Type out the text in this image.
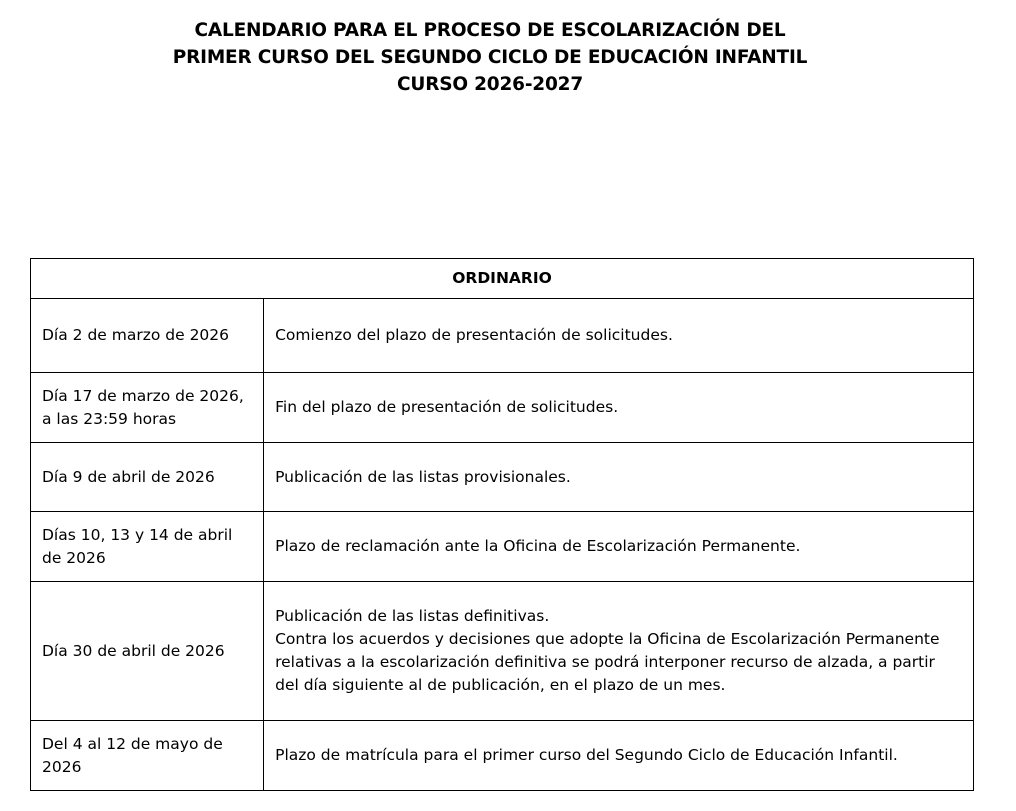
CALENDARIO PARA EL PROCESO DE ESCOLARIZACIÓN DEL
PRIMER CURSO DEL SEGUNDO CICLO DE EDUCACIÓN INFANTIL
CURSO 2026-2027
ORDINARIO	
Día 2 de marzo de 2026	Comienzo del plazo de presentación de solicitudes.

Día 17 de marzo de 2026, a las 23:59 horas	Fin del plazo de presentación de solicitudes.

Día 9 de abril de 2026	Publicación de las listas provisionales.

Días 10, 13 y 14 de abril de 2026	Plazo de reclamación ante la Oficina de Escolarización Permanente.

Día 30 de abril de 2026	Publicación de las listas definitivas.
Contra los acuerdos y decisiones que adopte la Oficina de Escolarización Permanente relativas a la escolarización definitiva se podrá interponer recurso de alzada, a partir del día siguiente al de publicación, en el plazo de un mes.

Del 4 al 12 de mayo de 2026	Plazo de matrícula para el primer curso del Segundo Ciclo de Educación Infantil.
